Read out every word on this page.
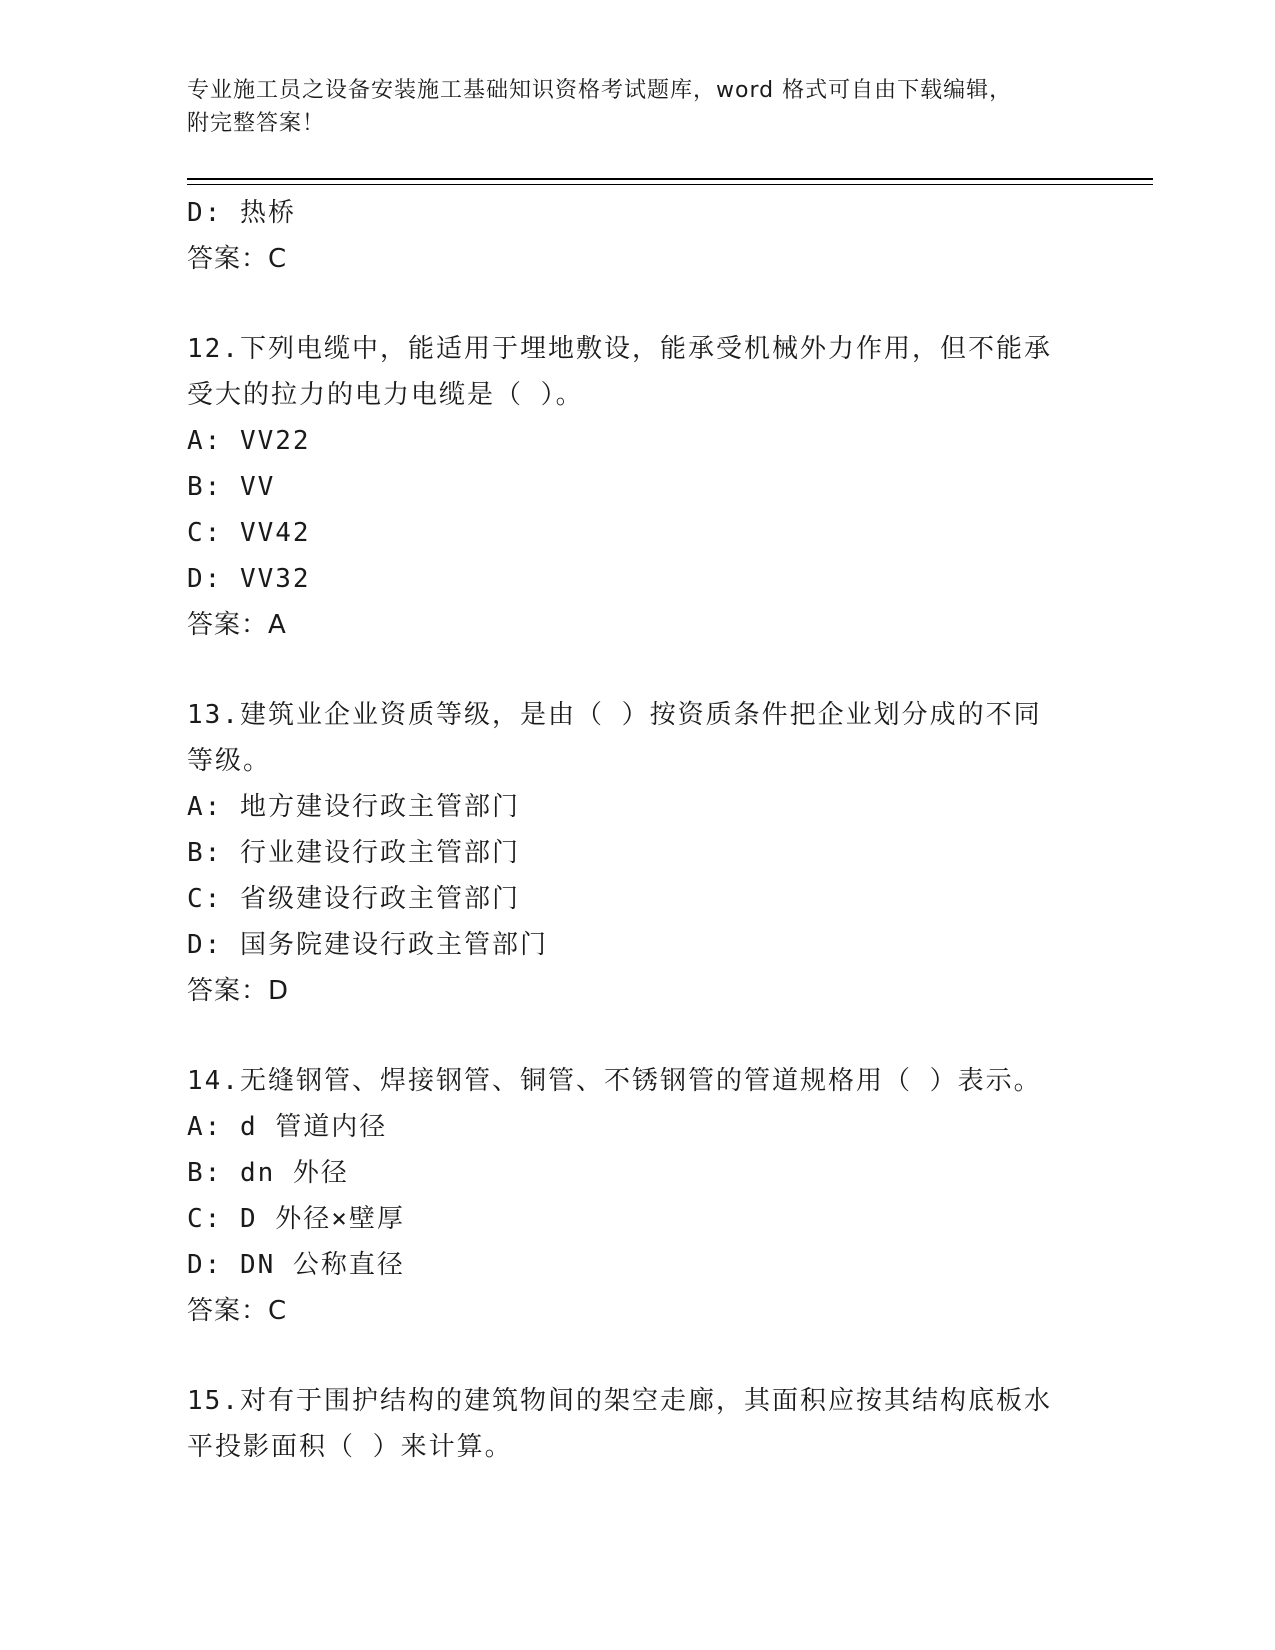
专业施工员之设备安装施工基础知识资格考试题库，word 格式可自由下载编辑，
附完整答案！
D: 热桥
答案：C
12.下列电缆中，能适用于埋地敷设，能承受机械外力作用，但不能承
受大的拉力的电力电缆是（ ）。
A: VV22
B: VV
C: VV42
D: VV32
答案：A
13.建筑业企业资质等级，是由（ ）按资质条件把企业划分成的不同
等级。
A: 地方建设行政主管部门
B: 行业建设行政主管部门
C: 省级建设行政主管部门
D: 国务院建设行政主管部门
答案：D
14.无缝钢管、焊接钢管、铜管、不锈钢管的管道规格用（ ）表示。
A: d 管道内径
B: dn 外径
C: D 外径×壁厚
D: DN 公称直径
答案：C
15.对有于围护结构的建筑物间的架空走廊，其面积应按其结构底板水
平投影面积（ ）来计算。
